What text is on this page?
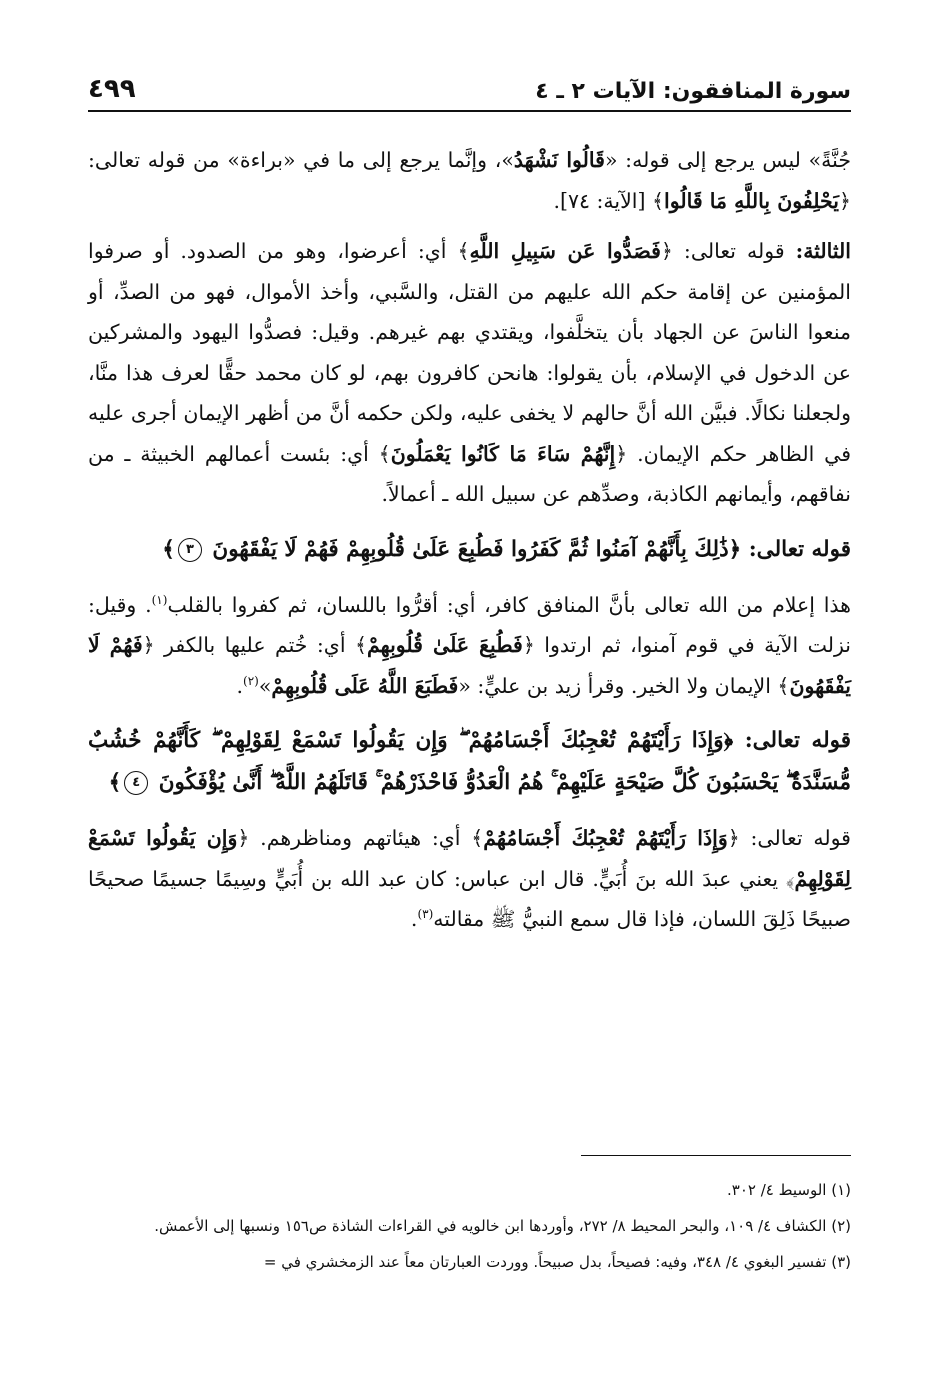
سورة المنافقون: الآيات ٢ ـ ٤
٤٩٩

جُنَّةً» ليس يرجع إلى قوله: «قَالُوا نَشْهَدُ»، وإنَّما يرجع إلى ما في «براءة» من قوله تعالى: ﴿يَحْلِفُونَ بِاللَّهِ مَا قَالُوا﴾ [الآية: ٧٤].

الثالثة: قوله تعالى: ﴿فَصَدُّوا عَن سَبِيلِ اللَّهِ﴾ أي: أعرضوا، وهو من الصدود. أو صرفوا المؤمنين عن إقامة حكم الله عليهم من القتل، والسَّبي، وأخذ الأموال، فهو من الصدِّ، أو منعوا الناسَ عن الجهاد بأن يتخلَّفوا، ويقتدي بهم غيرهم. وقيل: فصدُّوا اليهود والمشركين عن الدخول في الإسلام، بأن يقولوا: هانحن كافرون بهم، لو كان محمد حقًّا لعرف هذا منَّا، ولجعلنا نكالًا. فبيَّن الله أنَّ حالهم لا يخفى عليه، ولكن حكمه أنَّ من أظهر الإيمان أجرى عليه في الظاهر حكم الإيمان. ﴿إِنَّهُمْ سَاءَ مَا كَانُوا يَعْمَلُونَ﴾ أي: بئست أعمالهم الخبيثة ـ من نفاقهم، وأيمانهم الكاذبة، وصدِّهم عن سبيل الله ـ أعمالاً.

قوله تعالى: ﴿ذَٰلِكَ بِأَنَّهُمْ آمَنُوا ثُمَّ كَفَرُوا فَطُبِعَ عَلَىٰ قُلُوبِهِمْ فَهُمْ لَا يَفْقَهُونَ ٣﴾

هذا إعلام من الله تعالى بأنَّ المنافق كافر، أي: أقرُّوا باللسان، ثم كفروا بالقلب$^{(١)}$. وقيل: نزلت الآية في قوم آمنوا، ثم ارتدوا ﴿فَطُبِعَ عَلَىٰ قُلُوبِهِمْ﴾ أي: خُتم عليها بالكفر ﴿فَهُمْ لَا يَفْقَهُونَ﴾ الإيمان ولا الخير. وقرأ زيد بن عليٍّ: «فَطَبَعَ اللَّهُ عَلَى قُلُوبِهِمْ»$^{(٢)}$.

قوله تعالى: ﴿وَإِذَا رَأَيْتَهُمْ تُعْجِبُكَ أَجْسَامُهُمْ ۖ وَإِن يَقُولُوا تَسْمَعْ لِقَوْلِهِمْ ۖ كَأَنَّهُمْ خُشُبٌ مُّسَنَّدَةٌ ۖ يَحْسَبُونَ كُلَّ صَيْحَةٍ عَلَيْهِمْ ۚ هُمُ الْعَدُوُّ فَاحْذَرْهُمْ ۚ قَاتَلَهُمُ اللَّهُ ۖ أَنَّىٰ يُؤْفَكُونَ ٤﴾

قوله تعالى: ﴿وَإِذَا رَأَيْتَهُمْ تُعْجِبُكَ أَجْسَامُهُمْ﴾ أي: هيئاتهم ومناظرهم. ﴿وَإِن يَقُولُوا تَسْمَعْ لِقَوْلِهِمْ﴾ يعني عبدَ الله بنَ أُبَيٍّ. قال ابن عباس: كان عبد الله بن أُبَيٍّ وسِيمًا جسيمًا صحيحًا صبيحًا ذَلِقَ اللسان، فإذا قال سمع النبيُّ ﷺ مقالته$^{(٣)}$.

(١) الوسيط ٤/ ٣٠٢.

(٢) الكشاف ٤/ ١٠٩، والبحر المحيط ٨/ ٢٧٢، وأوردها ابن خالويه في القراءات الشاذة ص١٥٦ ونسبها إلى الأعمش.

(٣) تفسير البغوي ٤/ ٣٤٨، وفيه: فصيحاً، بدل صبيحاً. ووردت العبارتان معاً عند الزمخشري في =
